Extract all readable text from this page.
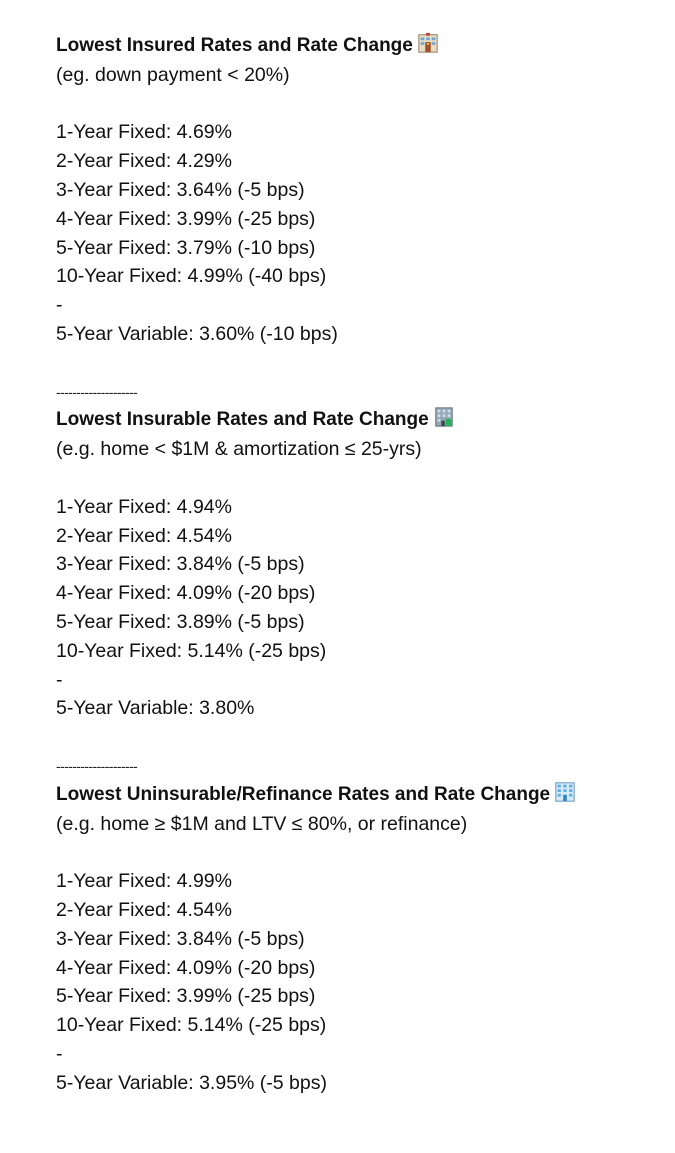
Lowest Insured Rates and Rate Change
(eg. down payment < 20%)
1-Year Fixed: 4.69%
2-Year Fixed: 4.29%
3-Year Fixed: 3.64% (-5 bps)
4-Year Fixed: 3.99% (-25 bps)
5-Year Fixed: 3.79% (-10 bps)
10-Year Fixed: 4.99% (-40 bps)
-
5-Year Variable: 3.60% (-10 bps)
--------------------
Lowest Insurable Rates and Rate Change
(e.g. home < $1M & amortization ≤ 25-yrs)
1-Year Fixed: 4.94%
2-Year Fixed: 4.54%
3-Year Fixed: 3.84% (-5 bps)
4-Year Fixed: 4.09% (-20 bps)
5-Year Fixed: 3.89% (-5 bps)
10-Year Fixed: 5.14% (-25 bps)
-
5-Year Variable: 3.80%
--------------------
Lowest Uninsurable/Refinance Rates and Rate Change
(e.g. home ≥ $1M and LTV ≤ 80%, or refinance)
1-Year Fixed: 4.99%
2-Year Fixed: 4.54%
3-Year Fixed: 3.84% (-5 bps)
4-Year Fixed: 4.09% (-20 bps)
5-Year Fixed: 3.99% (-25 bps)
10-Year Fixed: 5.14% (-25 bps)
-
5-Year Variable: 3.95% (-5 bps)
